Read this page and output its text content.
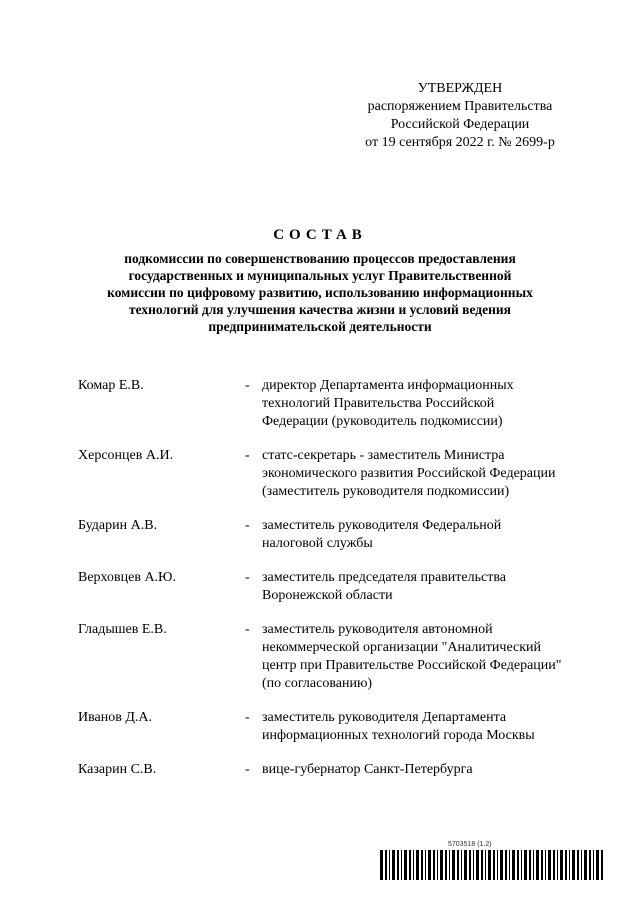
УТВЕРЖДЕН
распоряжением Правительства
Российской Федерации
от 19 сентября 2022 г. № 2699-р
СОСТАВ
подкомиссии по совершенствованию процессов предоставления
государственных и муниципальных услуг Правительственной
комиссии по цифровому развитию, использованию информационных
технологий для улучшения качества жизни и условий ведения
предпринимательской деятельности
Комар Е.В.	- директор Департамента информационных технологий Правительства Российской Федерации (руководитель подкомиссии)
Херсонцев А.И.	- статс-секретарь - заместитель Министра экономического развития Российской Федерации (заместитель руководителя подкомиссии)
Бударин А.В.	- заместитель руководителя Федеральной налоговой службы
Верховцев А.Ю.	- заместитель председателя правительства Воронежской области
Гладышев Е.В.	- заместитель руководителя автономной некоммерческой организации "Аналитический центр при Правительстве Российской Федерации" (по согласованию)
Иванов Д.А.	- заместитель руководителя Департамента информационных технологий города Москвы
Казарин С.В.	- вице-губернатор Санкт-Петербурга
5703518 (1.2)
